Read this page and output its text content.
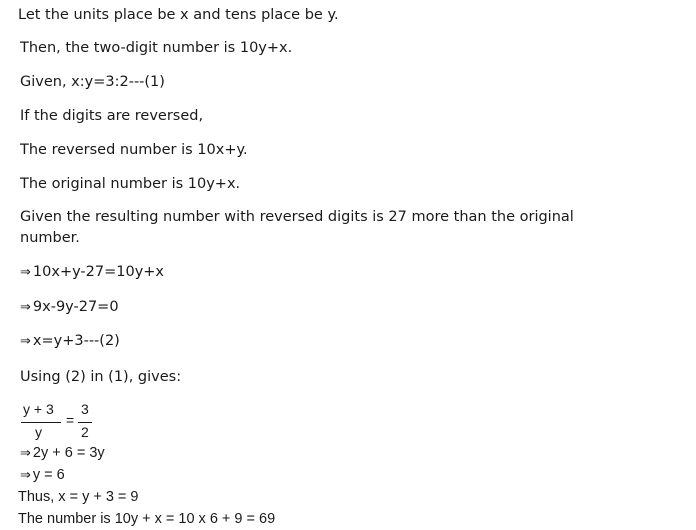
Let the units place be x and tens place be y.
Then, the two-digit number is 10y+x.
Given, x:y=3:2---(1)
If the digits are reversed,
The reversed number is 10x+y.
The original number is 10y+x.
Given the resulting number with reversed digits is 27 more than the original number.
⇒ 10x+y-27=10y+x
⇒ 9x-9y-27=0
⇒ x=y+3---(2)
Using (2) in (1), gives:
y + 3
y
=
3
2
⇒ 2y + 6 = 3y
⇒ y = 6
Thus, x = y + 3 = 9
The number is 10y + x = 10 x 6 + 9 = 69
